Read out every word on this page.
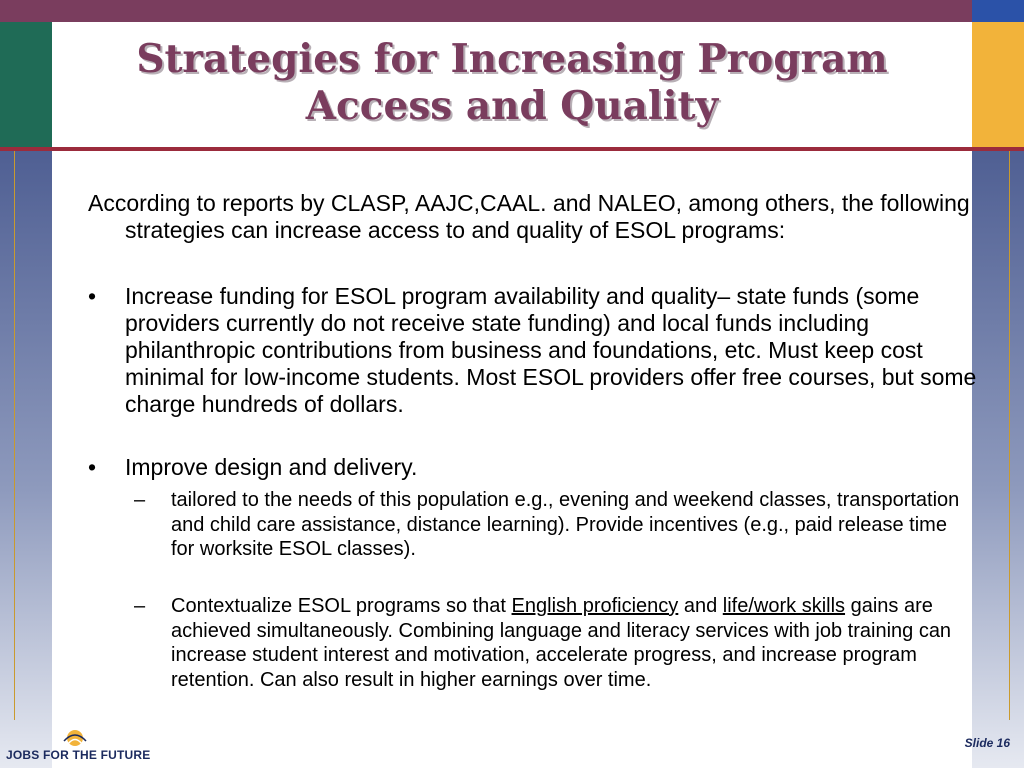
Strategies for Increasing Program
Access and Quality

According to reports by CLASP, AAJC,CAAL. and NALEO, among others, the following strategies can increase access to and quality of ESOL programs:

•	Increase funding for ESOL program availability and quality– state funds (some providers currently do not receive state funding) and local funds including philanthropic contributions from business and foundations, etc. Must keep cost minimal for low-income students. Most ESOL providers offer free courses, but some charge hundreds of dollars.
•	Improve design and delivery.
– tailored to the needs of this population e.g., evening and weekend classes, transportation and child care assistance, distance learning). Provide incentives (e.g., paid release time for worksite ESOL classes).
– Contextualize ESOL programs so that English proficiency and life/work skills gains are achieved simultaneously. Combining language and literacy services with job training can increase student interest and motivation, accelerate progress, and increase program retention. Can also result in higher earnings over time.
JOBS FOR THE FUTURE
Slide 16
